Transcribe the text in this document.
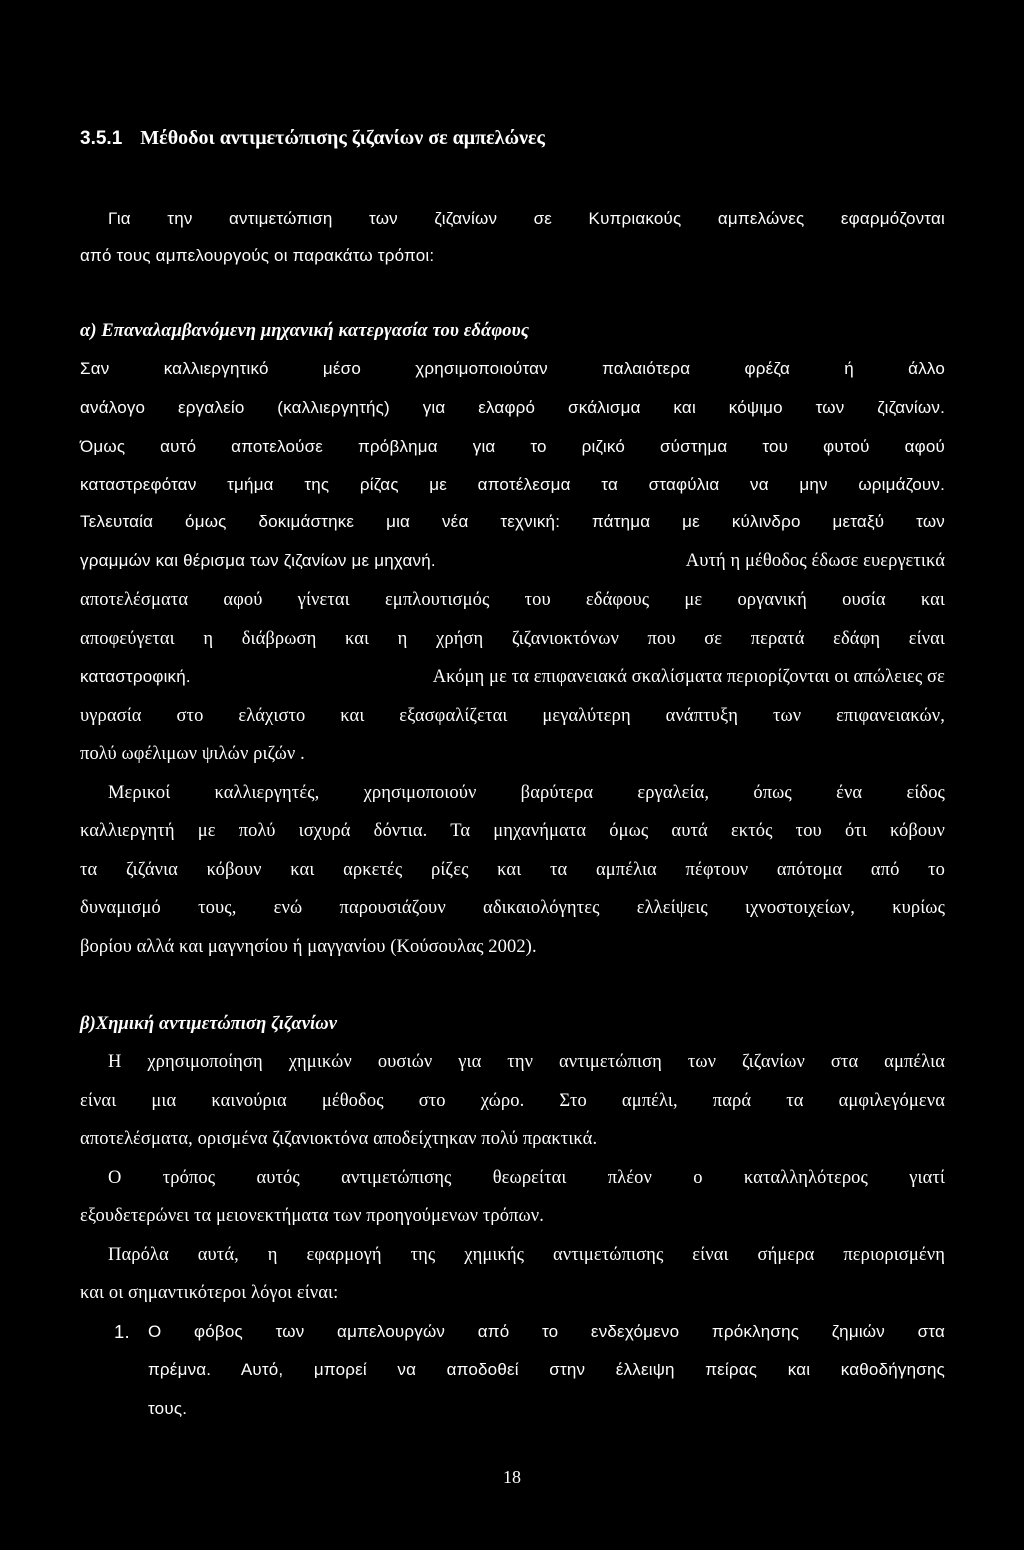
3.5.1 Μέθοδοι αντιμετώπισης ζιζανίων σε αμπελώνες
Για την αντιμετώπιση των ζιζανίων σε Κυπριακούς αμπελώνες εφαρμόζονται
από τους αμπελουργούς οι παρακάτω τρόποι:
α) Επαναλαμβανόμενη μηχανική κατεργασία του εδάφους
Σαν καλλιεργητικό μέσο χρησιμοποιούταν παλαιότερα φρέζα ή άλλο
ανάλογο εργαλείο (καλλιεργητής) για ελαφρό σκάλισμα και κόψιμο των ζιζανίων.
Όμως αυτό αποτελούσε πρόβλημα για το ριζικό σύστημα του φυτού αφού
καταστρεφόταν τμήμα της ρίζας με αποτέλεσμα τα σταφύλια να μην ωριμάζουν.
Τελευταία όμως δοκιμάστηκε μια νέα τεχνική: πάτημα με κύλινδρο μεταξύ των
γραμμών και θέρισμα των ζιζανίων με μηχανή.	Αυτή η μέθοδος έδωσε ευεργετικά
αποτελέσματα αφού γίνεται εμπλουτισμός του εδάφους με οργανική ουσία και
αποφεύγεται η διάβρωση και η χρήση ζιζανιοκτόνων που σε περατά εδάφη είναι
καταστροφική.	Ακόμη με τα επιφανειακά σκαλίσματα περιορίζονται οι απώλειες σε
υγρασία στο ελάχιστο και εξασφαλίζεται μεγαλύτερη ανάπτυξη των επιφανειακών,
πολύ ωφέλιμων ψιλών ριζών .
Μερικοί καλλιεργητές, χρησιμοποιούν βαρύτερα εργαλεία, όπως ένα είδος
καλλιεργητή με πολύ ισχυρά δόντια. Τα μηχανήματα όμως αυτά εκτός του ότι κόβουν
τα ζιζάνια κόβουν και αρκετές ρίζες και τα αμπέλια πέφτουν απότομα από το
δυναμισμό τους, ενώ παρουσιάζουν αδικαιολόγητες ελλείψεις ιχνοστοιχείων, κυρίως
βορίου αλλά και μαγνησίου ή μαγγανίου (Κούσουλας 2002).
β)Χημική αντιμετώπιση ζιζανίων
Η χρησιμοποίηση χημικών ουσιών για την αντιμετώπιση των ζιζανίων στα αμπέλια
είναι μια καινούρια μέθοδος στο χώρο. Στο αμπέλι, παρά τα αμφιλεγόμενα
αποτελέσματα, ορισμένα ζιζανιοκτόνα αποδείχτηκαν πολύ πρακτικά.
Ο τρόπος αυτός αντιμετώπισης θεωρείται πλέον ο καταλληλότερος γιατί
εξουδετερώνει τα μειονεκτήματα των προηγούμενων τρόπων.
Παρόλα αυτά, η εφαρμογή της χημικής αντιμετώπισης είναι σήμερα περιορισμένη
και οι σημαντικότεροι λόγοι είναι:
1. Ο φόβος των αμπελουργών από το ενδεχόμενο πρόκλησης ζημιών στα
πρέμνα. Αυτό, μπορεί να αποδοθεί στην έλλειψη πείρας και καθοδήγησης
τους.
18
